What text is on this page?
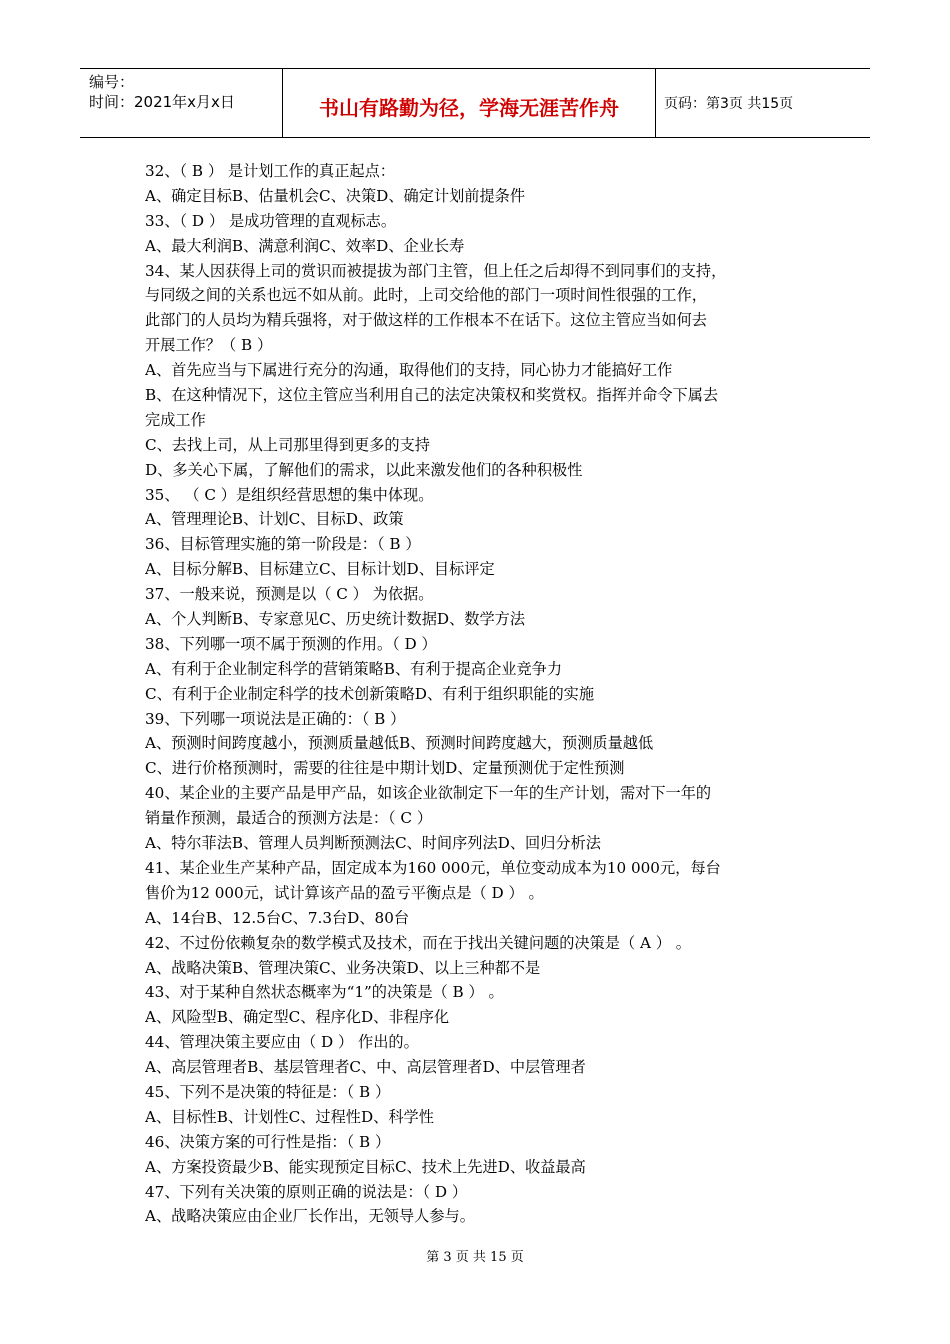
编号：
时间：2021年x月x日	书山有路勤为径，学海无涯苦作舟	页码：第3页 共15页
32、（ B ） 是计划工作的真正起点：
A、确定目标B、估量机会C、决策D、确定计划前提条件
33、（ D ） 是成功管理的直观标志。
A、最大利润B、满意利润C、效率D、企业长寿
34、某人因获得上司的赏识而被提拔为部门主管，但上任之后却得不到同事们的支持，
与同级之间的关系也远不如从前。此时，上司交给他的部门一项时间性很强的工作，
此部门的人员均为精兵强将，对于做这样的工作根本不在话下。这位主管应当如何去
开展工作？（ B ）
A、首先应当与下属进行充分的沟通，取得他们的支持，同心协力才能搞好工作
B、在这种情况下，这位主管应当利用自己的法定决策权和奖赏权。指挥并命令下属去
完成工作
C、去找上司，从上司那里得到更多的支持
D、多关心下属，了解他们的需求，以此来激发他们的各种积极性
35、 （ C ）是组织经营思想的集中体现。
A、管理理论B、计划C、目标D、政策
36、目标管理实施的第一阶段是：（ B ）
A、目标分解B、目标建立C、目标计划D、目标评定
37、一般来说，预测是以（ C ） 为依据。
A、个人判断B、专家意见C、历史统计数据D、数学方法
38、下列哪一项不属于预测的作用。（ D ）
A、有利于企业制定科学的营销策略B、有利于提高企业竞争力
C、有利于企业制定科学的技术创新策略D、有利于组织职能的实施
39、下列哪一项说法是正确的：（ B ）
A、预测时间跨度越小，预测质量越低B、预测时间跨度越大，预测质量越低
C、进行价格预测时，需要的往往是中期计划D、定量预测优于定性预测
40、某企业的主要产品是甲产品，如该企业欲制定下一年的生产计划，需对下一年的
销量作预测，最适合的预测方法是：（ C ）
A、特尔菲法B、管理人员判断预测法C、时间序列法D、回归分析法
41、某企业生产某种产品，固定成本为160 000元，单位变动成本为10 000元，每台
售价为12 000元，试计算该产品的盈亏平衡点是（ D ） 。
A、14台B、12.5台C、7.3台D、80台
42、不过份依赖复杂的数学模式及技术，而在于找出关键问题的决策是（ A ） 。
A、战略决策B、管理决策C、业务决策D、以上三种都不是
43、对于某种自然状态概率为“1”的决策是（ B ） 。
A、风险型B、确定型C、程序化D、非程序化
44、管理决策主要应由（ D ） 作出的。
A、高层管理者B、基层管理者C、中、高层管理者D、中层管理者
45、下列不是决策的特征是：（ B ）
A、目标性B、计划性C、过程性D、科学性
46、决策方案的可行性是指：（ B ）
A、方案投资最少B、能实现预定目标C、技术上先进D、收益最高
47、下列有关决策的原则正确的说法是：（ D ）
A、战略决策应由企业厂长作出，无领导人参与。
第 3 页 共 15 页
